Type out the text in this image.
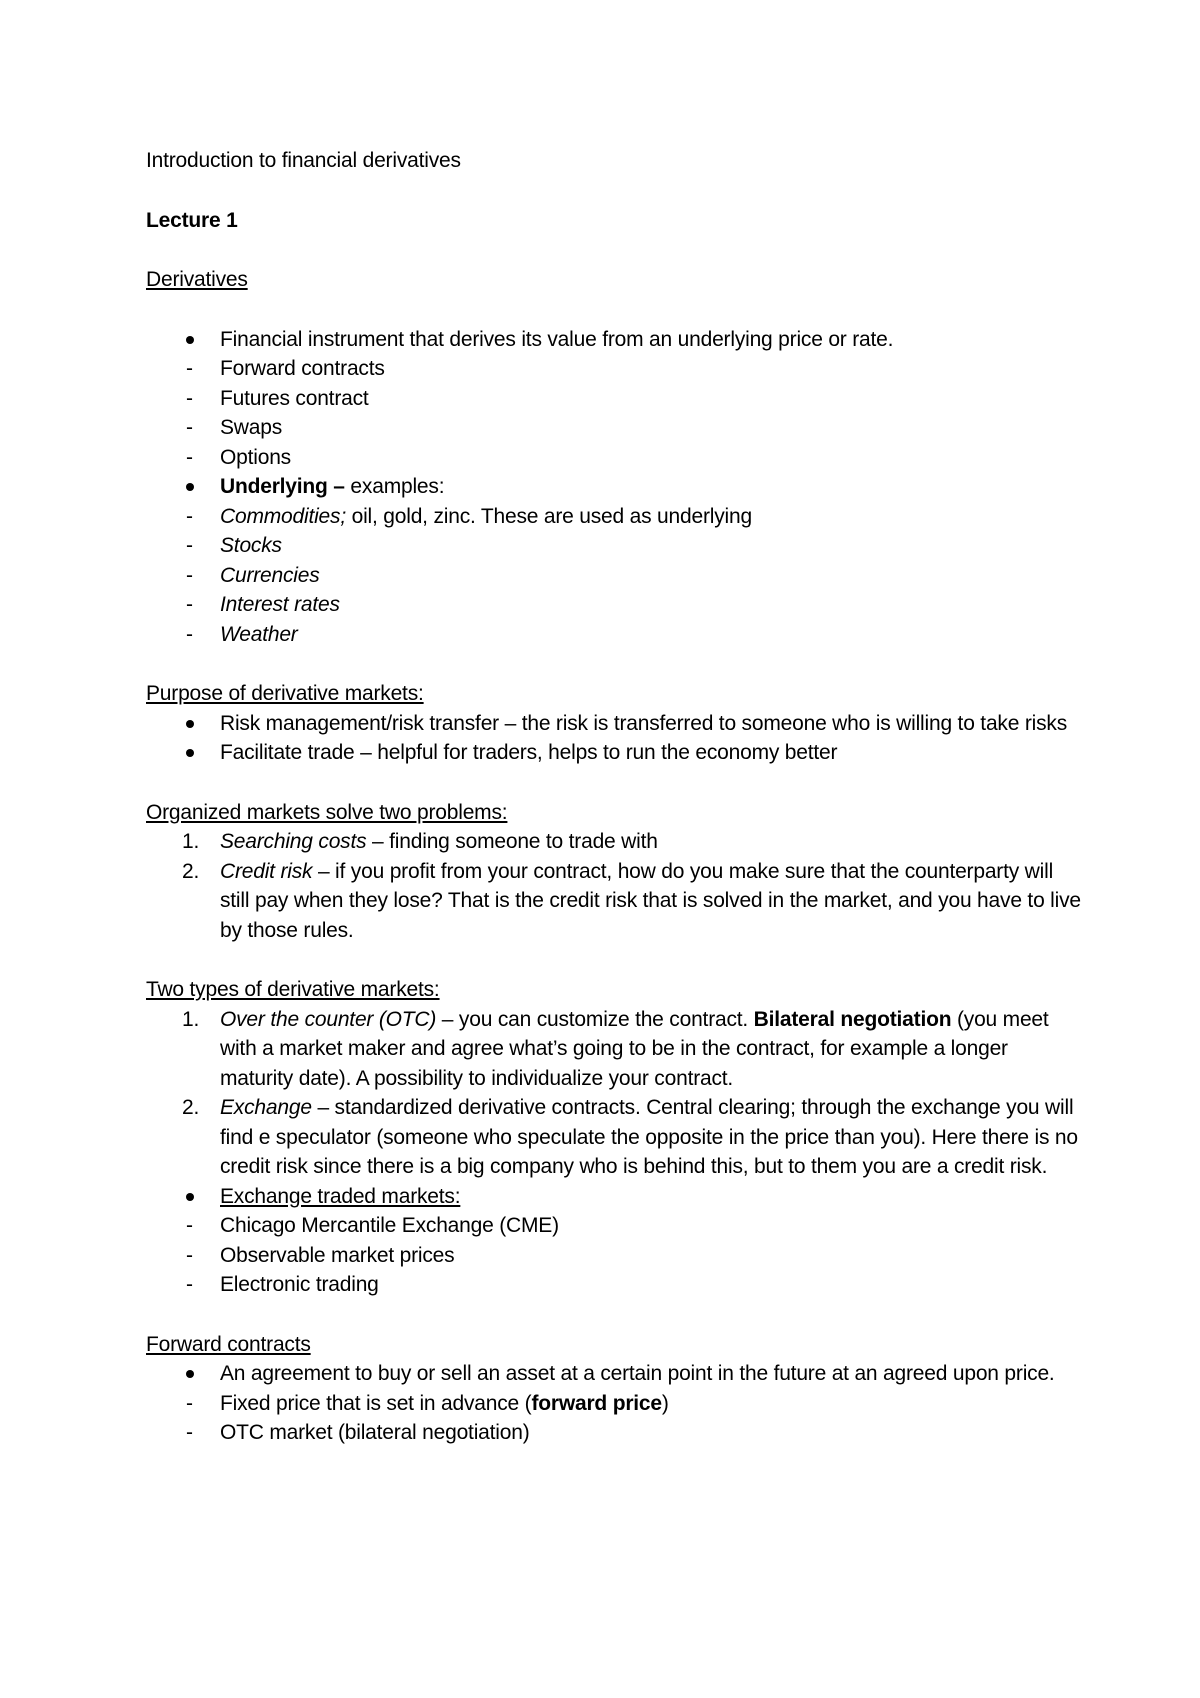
Introduction to financial derivatives

Lecture 1

Derivatives

Financial instrument that derives its value from an underlying price or rate.
- Forward contracts
- Futures contract
- Swaps
- Options
Underlying – examples:
- Commodities; oil, gold, zinc. These are used as underlying
- Stocks
- Currencies
- Interest rates
- Weather

Purpose of derivative markets:

Risk management/risk transfer – the risk is transferred to someone who is willing to take risks
Facilitate trade – helpful for traders, helps to run the economy better

Organized markets solve two problems:

1. Searching costs – finding someone to trade with
2. Credit risk – if you profit from your contract, how do you make sure that the counterparty will still pay when they lose? That is the credit risk that is solved in the market, and you have to live by those rules.

Two types of derivative markets:

1. Over the counter (OTC) – you can customize the contract. Bilateral negotiation (you meet with a market maker and agree what’s going to be in the contract, for example a longer maturity date). A possibility to individualize your contract.
2. Exchange – standardized derivative contracts. Central clearing; through the exchange you will find e speculator (someone who speculate the opposite in the price than you). Here there is no credit risk since there is a big company who is behind this, but to them you are a credit risk.
Exchange traded markets:
- Chicago Mercantile Exchange (CME)
- Observable market prices
- Electronic trading

Forward contracts

An agreement to buy or sell an asset at a certain point in the future at an agreed upon price.
- Fixed price that is set in advance (forward price)
- OTC market (bilateral negotiation)
